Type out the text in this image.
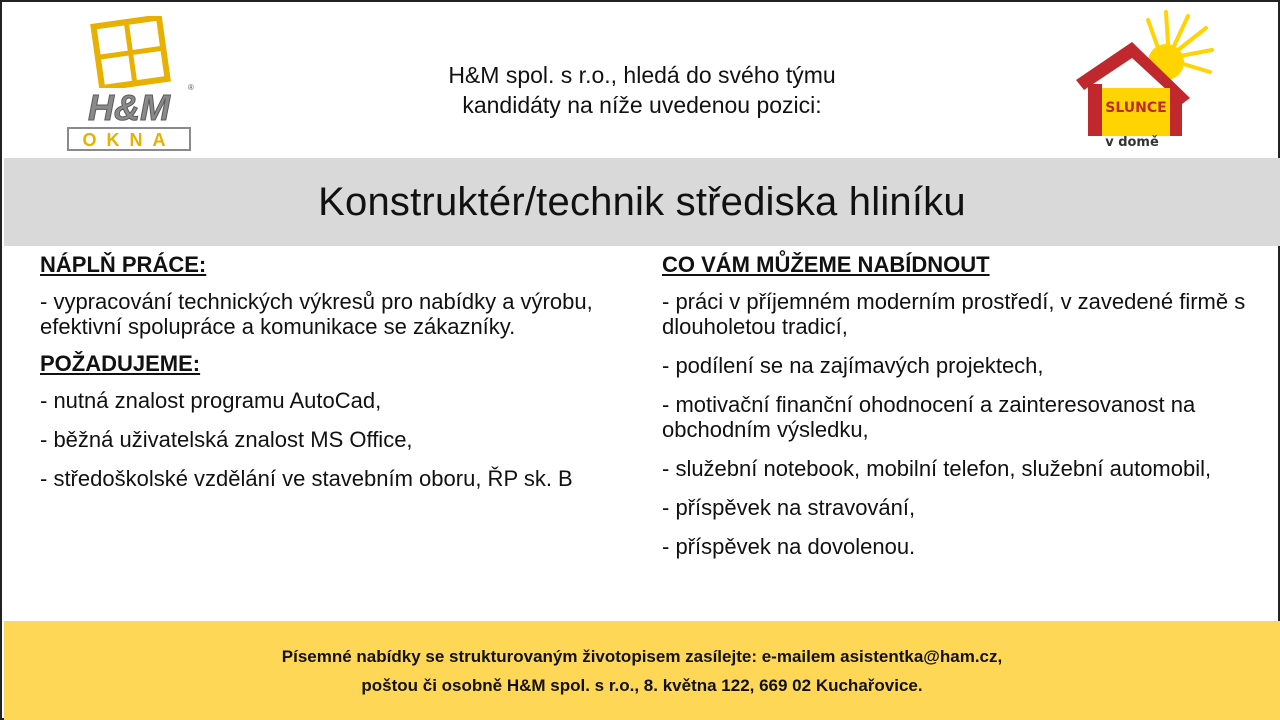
H&M ®
OKNA
H&M spol. s r.o., hledá do svého týmu
kandidáty na níže uvedenou pozici:	SLUNCE
v domě
Konstruktér/technik střediska hliníku
NÁPLŇ PRÁCE:
- vypracování technických výkresů pro nabídky a výrobu, efektivní spolupráce a komunikace se zákazníky.
POŽADUJEME:
- nutná znalost programu AutoCad,
- běžná uživatelská znalost MS Office,
- středoškolské vzdělání ve stavebním oboru, ŘP sk. B
CO VÁM MŮŽEME NABÍDNOUT
- práci v příjemném moderním prostředí, v zavedené firmě s dlouholetou tradicí,
- podílení se na zajímavých projektech,
- motivační finanční ohodnocení a zainteresovanost na obchodním výsledku,
- služební notebook, mobilní telefon, služební automobil,
- příspěvek na stravování,
- příspěvek na dovolenou.
Písemné nabídky se strukturovaným životopisem zasílejte: e-mailem asistentka@ham.cz,
poštou či osobně H&M spol. s r.o., 8. května 122, 669 02 Kuchařovice.
